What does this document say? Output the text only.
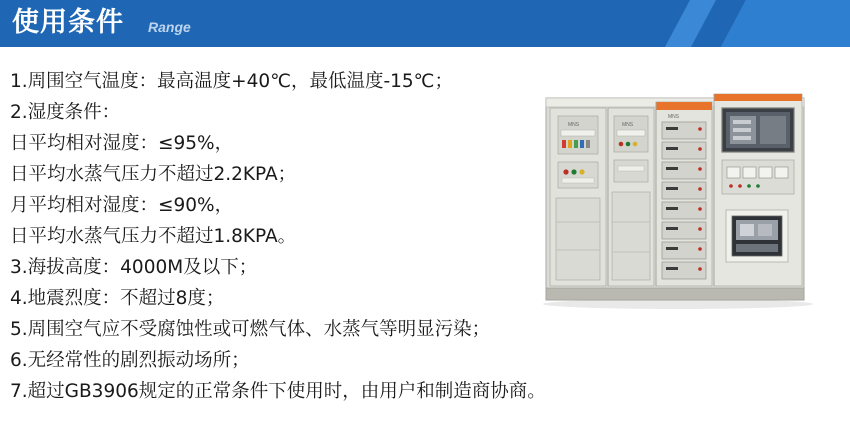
使用条件 Range
1.周围空气温度：最高温度+40℃，最低温度-15℃；
2.湿度条件：
日平均相对湿度：≤95%，
日平均水蒸气压力不超过2.2KPA；
月平均相对湿度：≤90%，
日平均水蒸气压力不超过1.8KPA。
3.海拔高度：4000M及以下；
4.地震烈度：不超过8度；
5.周围空气应不受腐蚀性或可燃气体、水蒸气等明显污染；
6.无经常性的剧烈振动场所；
7.超过GB3906规定的正常条件下使用时，由用户和制造商协商。
MNS	MNS
MNS
